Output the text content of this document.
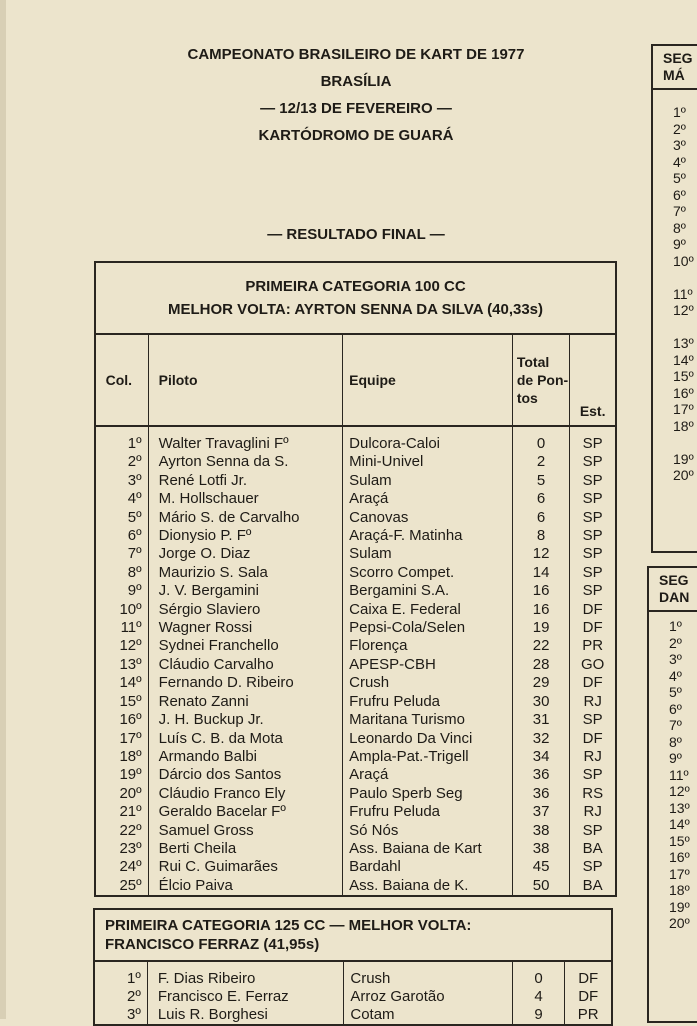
CAMPEONATO BRASILEIRO DE KART DE 1977
BRASÍLIA
— 12/13 DE FEVEREIRO —
KARTÓDROMO DE GUARÁ
— RESULTADO FINAL —
PRIMEIRA CATEGORIA 100 CC
MELHOR VOLTA: AYRTON SENNA DA SILVA (40,33s)				

Col.	Piloto	Equipe	Total de Pon- tos	Est.
1º	Walter Travaglini Fº	Dulcora-Caloi	0	SP
2º	Ayrton Senna da S.	Mini-Univel	2	SP
3º	René Lotfi Jr.	Sulam	5	SP
4º	M. Hollschauer	Araçá	6	SP
5º	Mário S. de Carvalho	Canovas	6	SP
6º	Dionysio P. Fº	Araçá-F. Matinha	8	SP
7º	Jorge O. Diaz	Sulam	12	SP
8º	Maurizio S. Sala	Scorro Compet.	14	SP
9º	J. V. Bergamini	Bergamini S.A.	16	SP
10º	Sérgio Slaviero	Caixa E. Federal	16	DF
11º	Wagner Rossi	Pepsi-Cola/Selen	19	DF
12º	Sydnei Franchello	Florença	22	PR
13º	Cláudio Carvalho	APESP-CBH	28	GO
14º	Fernando D. Ribeiro	Crush	29	DF
15º	Renato Zanni	Frufru Peluda	30	RJ
16º	J. H. Buckup Jr.	Maritana Turismo	31	SP
17º	Luís C. B. da Mota	Leonardo Da Vinci	32	DF
18º	Armando Balbi	Ampla-Pat.-Trigell	34	RJ
19º	Dárcio dos Santos	Araçá	36	SP
20º	Cláudio Franco Ely	Paulo Sperb Seg	36	RS
21º	Geraldo Bacelar Fº	Frufru Peluda	37	RJ
22º	Samuel Gross	Só Nós	38	SP
23º	Berti Cheila	Ass. Baiana de Kart	38	BA
24º	Rui C. Guimarães	Bardahl	45	SP
25º	Élcio Paiva	Ass. Baiana de K.	50	BA
PRIMEIRA CATEGORIA 125 CC — MELHOR VOLTA:
FRANCISCO FERRAZ (41,95s)				

1º	F. Dias Ribeiro	Crush	0	DF
2º	Francisco E. Ferraz	Arroz Garotão	4	DF
3º	Luis R. Borghesi	Cotam	9	PR
SEG
MÁ
1º
2º
3º
4º
5º
6º
7º
8º
9º
10º
11º
12º
13º
14º
15º
16º
17º
18º
19º
20º
SEG
DAN
1º
2º
3º
4º
5º
6º
7º
8º
9º
11º
12º
13º
14º
15º
16º
17º
18º
19º
20º
